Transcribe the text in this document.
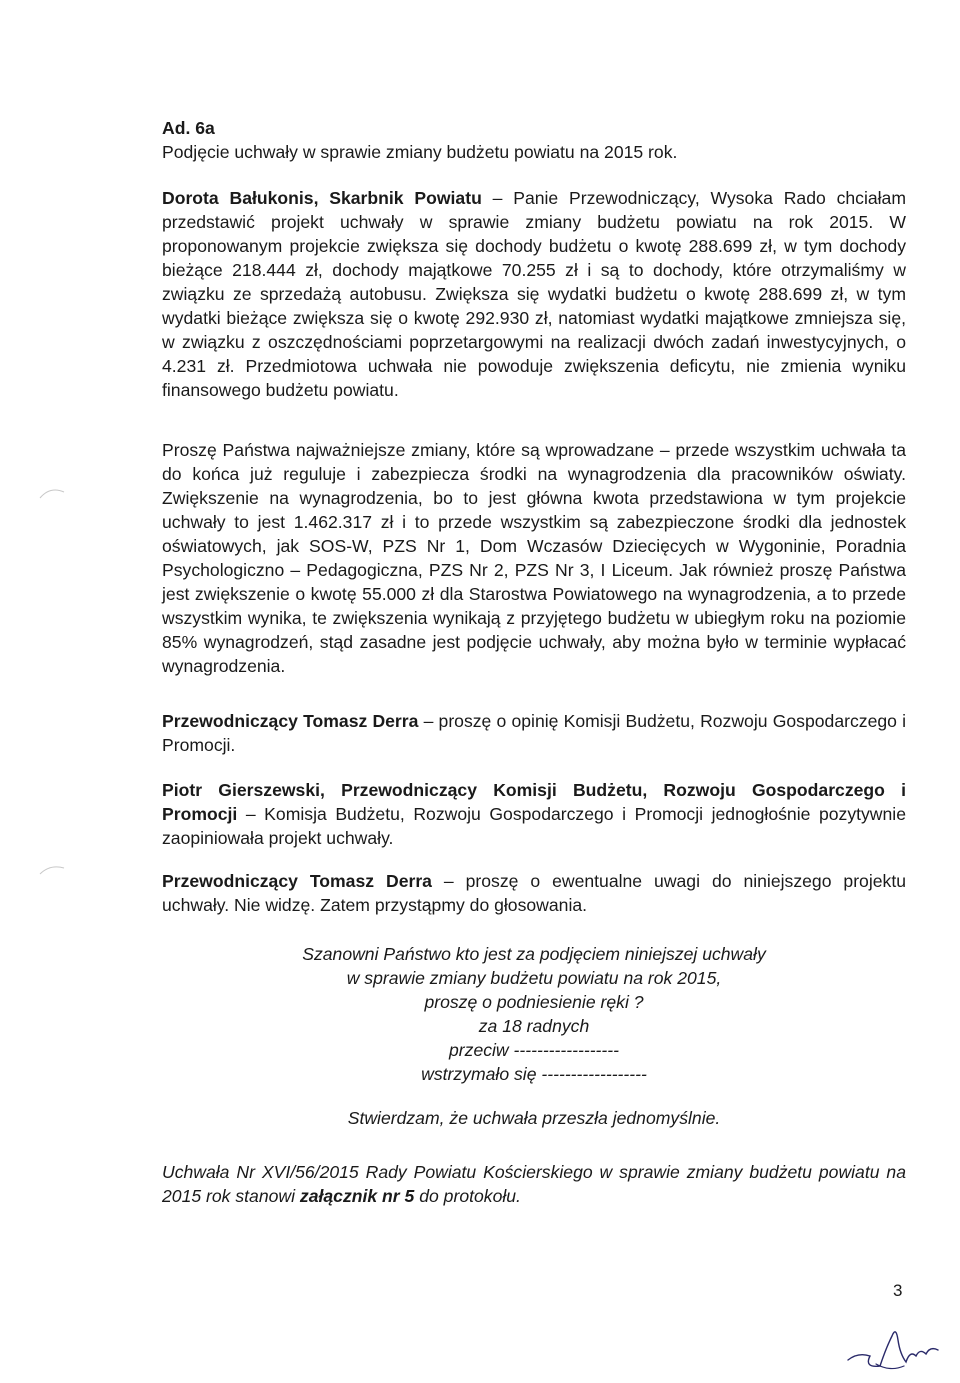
Ad. 6a
Podjęcie uchwały w sprawie zmiany budżetu powiatu na 2015 rok.

Dorota Bałukonis, Skarbnik Powiatu – Panie Przewodniczący, Wysoka Rado chciałam przedstawić projekt uchwały w sprawie zmiany budżetu powiatu na rok 2015. W proponowanym projekcie zwiększa się dochody budżetu o kwotę 288.699 zł, w tym dochody bieżące 218.444 zł, dochody majątkowe 70.255 zł i są to dochody, które otrzymaliśmy w związku ze sprzedażą autobusu. Zwiększa się wydatki budżetu o kwotę 288.699 zł, w tym wydatki bieżące zwiększa się o kwotę 292.930 zł, natomiast wydatki majątkowe zmniejsza się, w związku z oszczędnościami poprzetargowymi na realizacji dwóch zadań inwestycyjnych, o 4.231 zł. Przedmiotowa uchwała nie powoduje zwiększenia deficytu, nie zmienia wyniku finansowego budżetu powiatu.

Proszę Państwa najważniejsze zmiany, które są wprowadzane – przede wszystkim uchwała ta do końca już reguluje i zabezpiecza środki na wynagrodzenia dla pracowników oświaty. Zwiększenie na wynagrodzenia, bo to jest główna kwota przedstawiona w tym projekcie uchwały to jest 1.462.317 zł i to przede wszystkim są zabezpieczone środki dla jednostek oświatowych, jak SOS-W, PZS Nr 1, Dom Wczasów Dziecięcych w Wygoninie, Poradnia Psychologiczno – Pedagogiczna, PZS Nr 2, PZS Nr 3, I Liceum. Jak również proszę Państwa jest zwiększenie o kwotę 55.000 zł dla Starostwa Powiatowego na wynagrodzenia, a to przede wszystkim wynika, te zwiększenia wynikają z przyjętego budżetu w ubiegłym roku na poziomie 85% wynagrodzeń, stąd zasadne jest podjęcie uchwały, aby można było w terminie wypłacać wynagrodzenia.

Przewodniczący Tomasz Derra – proszę o opinię Komisji Budżetu, Rozwoju Gospodarczego i Promocji.

Piotr Gierszewski, Przewodniczący Komisji Budżetu, Rozwoju Gospodarczego i Promocji – Komisja Budżetu, Rozwoju Gospodarczego i Promocji jednogłośnie pozytywnie zaopiniowała projekt uchwały.

Przewodniczący Tomasz Derra – proszę o ewentualne uwagi do niniejszego projektu uchwały. Nie widzę. Zatem przystąpmy do głosowania.

Szanowni Państwo kto jest za podjęciem niniejszej uchwały
w sprawie zmiany budżetu powiatu na rok 2015,
proszę o podniesienie ręki ?
za 18 radnych
przeciw ------------------
wstrzymało się ------------------
Stwierdzam, że uchwała przeszła jednomyślnie.
Uchwała Nr XVI/56/2015 Rady Powiatu Kościerskiego w sprawie zmiany budżetu powiatu na 2015 rok stanowi załącznik nr 5 do protokołu.
3
